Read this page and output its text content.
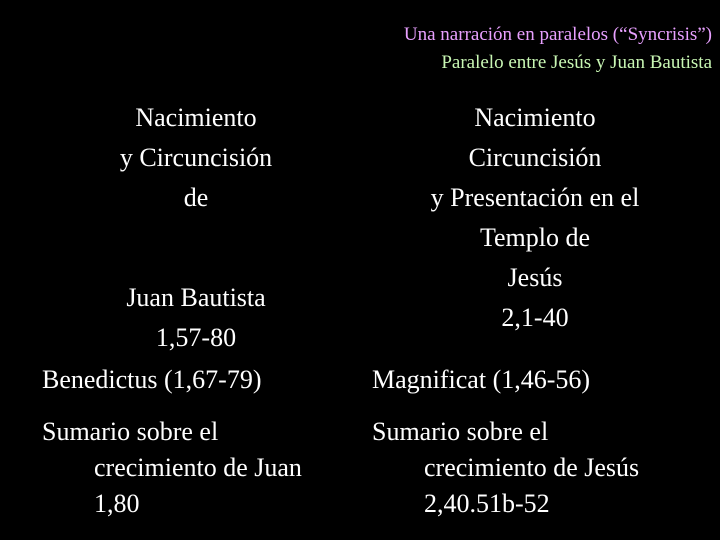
Una narración en paralelos (“Syncrisis”)
Paralelo entre Jesús y Juan Bautista
Nacimiento
y Circuncisión
de
Juan Bautista
1,57-80
Nacimiento
Circuncisión
y Presentación en el
Templo de
Jesús
2,1-40
Benedictus (1,67-79)	Magnificat (1,46-56)
Sumario sobre el
crecimiento de Juan
1,80
Sumario sobre el
crecimiento de Jesús
2,40.51b-52
